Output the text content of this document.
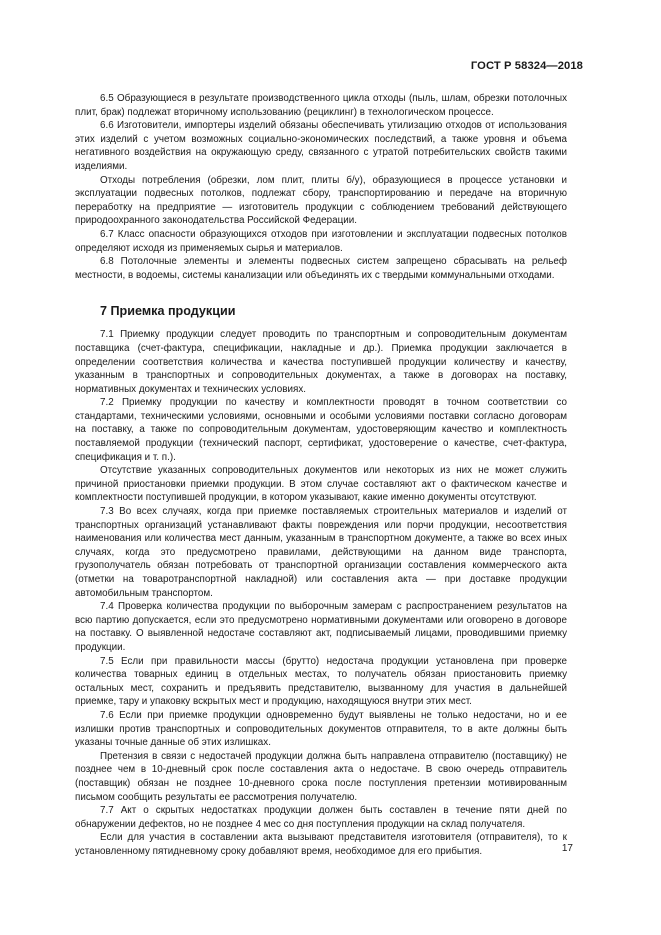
ГОСТ Р 58324—2018

6.5 Образующиеся в результате производственного цикла отходы (пыль, шлам, обрезки потолочных плит, брак) подлежат вторичному использованию (рециклинг) в технологическом процессе.

6.6 Изготовители, импортеры изделий обязаны обеспечивать утилизацию отходов от использования этих изделий с учетом возможных социально-экономических последствий, а также уровня и объема негативного воздействия на окружающую среду, связанного с утратой потребительских свойств такими изделиями.

Отходы потребления (обрезки, лом плит, плиты б/у), образующиеся в процессе установки и эксплуатации подвесных потолков, подлежат сбору, транспортированию и передаче на вторичную переработку на предприятие — изготовитель продукции с соблюдением требований действующего природоохранного законодательства Российской Федерации.

6.7 Класс опасности образующихся отходов при изготовлении и эксплуатации подвесных потолков определяют исходя из применяемых сырья и материалов.

6.8 Потолочные элементы и элементы подвесных систем запрещено сбрасывать на рельеф местности, в водоемы, системы канализации или объединять их с твердыми коммунальными отходами.

7 Приемка продукции

7.1 Приемку продукции следует проводить по транспортным и сопроводительным документам поставщика (счет-фактура, спецификации, накладные и др.). Приемка продукции заключается в определении соответствия количества и качества поступившей продукции количеству и качеству, указанным в транспортных и сопроводительных документах, а также в договорах на поставку, нормативных документах и технических условиях.

7.2 Приемку продукции по качеству и комплектности проводят в точном соответствии со стандартами, техническими условиями, основными и особыми условиями поставки согласно договорам на поставку, а также по сопроводительным документам, удостоверяющим качество и комплектность поставляемой продукции (технический паспорт, сертификат, удостоверение о качестве, счет-фактура, спецификация и т. п.).

Отсутствие указанных сопроводительных документов или некоторых из них не может служить причиной приостановки приемки продукции. В этом случае составляют акт о фактическом качестве и комплектности поступившей продукции, в котором указывают, какие именно документы отсутствуют.

7.3 Во всех случаях, когда при приемке поставляемых строительных материалов и изделий от транспортных организаций устанавливают факты повреждения или порчи продукции, несоответствия наименования или количества мест данным, указанным в транспортном документе, а также во всех иных случаях, когда это предусмотрено правилами, действующими на данном виде транспорта, грузополучатель обязан потребовать от транспортной организации составления коммерческого акта (отметки на товаротранспортной накладной) или составления акта — при доставке продукции автомобильным транспортом.

7.4 Проверка количества продукции по выборочным замерам с распространением результатов на всю партию допускается, если это предусмотрено нормативными документами или оговорено в договоре на поставку. О выявленной недостаче составляют акт, подписываемый лицами, проводившими приемку продукции.

7.5 Если при правильности массы (брутто) недостача продукции установлена при проверке количества товарных единиц в отдельных местах, то получатель обязан приостановить приемку остальных мест, сохранить и предъявить представителю, вызванному для участия в дальнейшей приемке, тару и упаковку вскрытых мест и продукцию, находящуюся внутри этих мест.

7.6 Если при приемке продукции одновременно будут выявлены не только недостачи, но и ее излишки против транспортных и сопроводительных документов отправителя, то в акте должны быть указаны точные данные об этих излишках.

Претензия в связи с недостачей продукции должна быть направлена отправителю (поставщику) не позднее чем в 10-дневный срок после составления акта о недостаче. В свою очередь отправитель (поставщик) обязан не позднее 10-дневного срока после поступления претензии мотивированным письмом сообщить результаты ее рассмотрения получателю.

7.7 Акт о скрытых недостатках продукции должен быть составлен в течение пяти дней по обнаружении дефектов, но не позднее 4 мес со дня поступления продукции на склад получателя.

Если для участия в составлении акта вызывают представителя изготовителя (отправителя), то к установленному пятидневному сроку добавляют время, необходимое для его прибытия.	17
